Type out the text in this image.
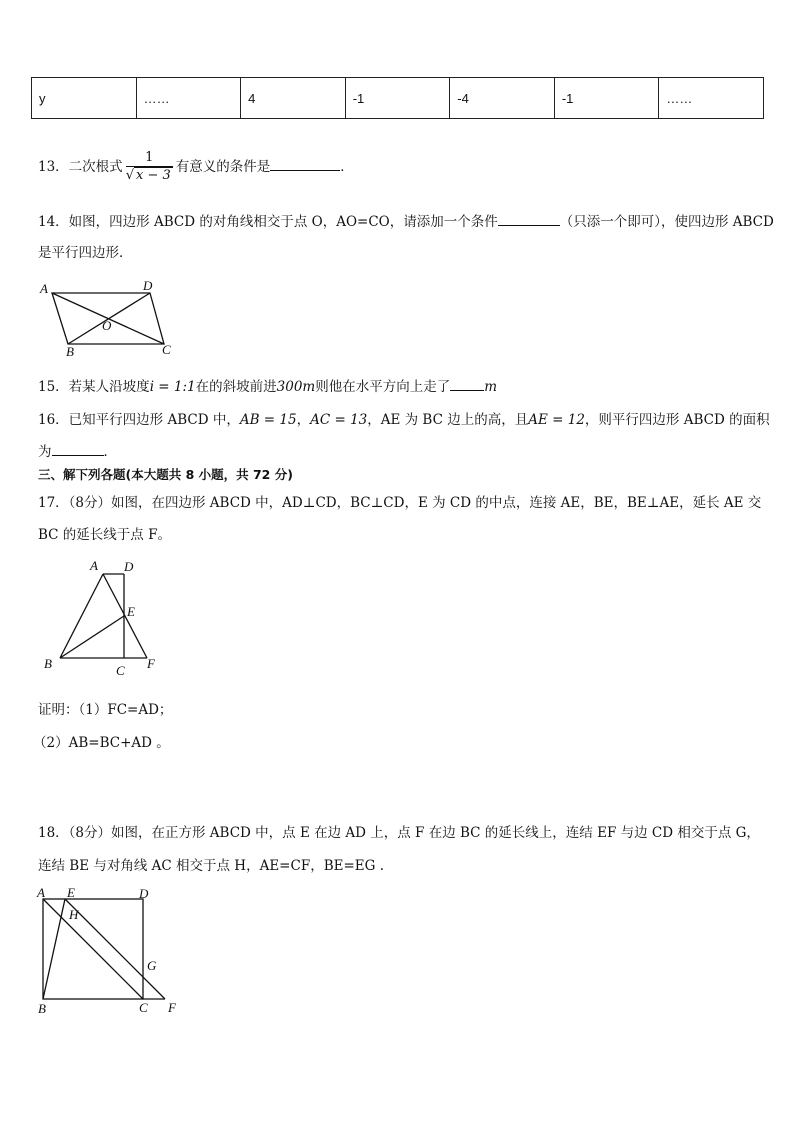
y	……	4	-1	-4	-1	……
13．二次根式 $\frac{1}{√ x - 3}$ 有意义的条件是	．
14．如图，四边形 ABCD 的对角线相交于点 O，AO=CO，请添加一个条件	（只添一个即可），使四边形 ABCD
是平行四边形．
A	D
O
B	C
15．若某人沿坡度i = 1:1在的斜坡前进300m则他在水平方向上走了	m
16．已知平行四边形 ABCD 中，AB = 15，AC = 13，AE 为 BC 边上的高，且AE = 12，则平行四边形 ABCD 的面积
为	．
三、解下列各题(本大题共 8 小题，共 72 分)
17．（8分）如图，在四边形 ABCD 中，AD⊥CD，BC⊥CD，E 为 CD 的中点，连接 AE，BE，BE⊥AE，延长 AE 交
BC 的延长线于点 F。
A D
E
B	C F
证明：（1）FC=AD；
（2）AB=BC+AD 。
18．（8分）如图，在正方形 ABCD 中，点 E 在边 AD 上，点 F 在边 BC 的延长线上，连结 EF 与边 CD 相交于点 G，
连结 BE 与对角线 AC 相交于点 H，AE=CF，BE=EG .
A E	D
H
G
B	C F
